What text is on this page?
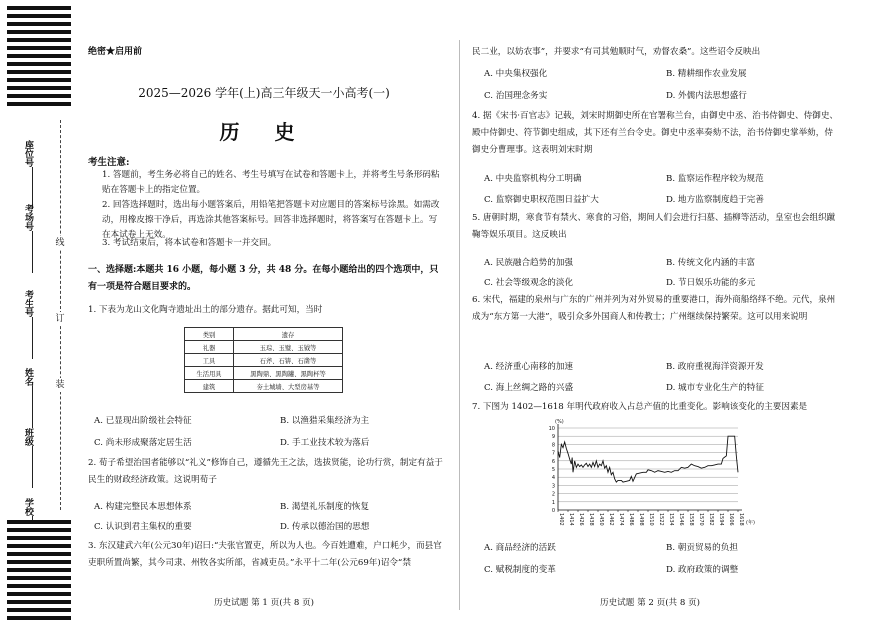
座位号
考场号
考生号
姓名
班级
学校
线
订
装
绝密★启用前
2025—2026 学年(上)高三年级天一小高考(一)
历 史
考生注意:
1. 答题前，考生务必将自己的姓名、考生号填写在试卷和答题卡上，并将考生号条形码粘贴在答题卡上的指定位置。
2. 回答选择题时，选出每小题答案后，用铅笔把答题卡对应题目的答案标号涂黑。如需改动，用橡皮擦干净后，再选涂其他答案标号。回答非选择题时，将答案写在答题卡上。写在本试卷上无效。
3. 考试结束后，将本试卷和答题卡一并交回。
一、选择题:本题共 16 小题，每小题 3 分，共 48 分。在每小题给出的四个选项中，只有一项是符合题目要求的。
1. 下表为龙山文化陶寺遗址出土的部分遗存。据此可知，当时
类别	遗存
礼器	玉琮、玉璧、玉钺等
工具	石斧、石锛、石凿等
生活用具	黑陶鼎、黑陶罐、黑陶杯等
建筑	夯土城墙、大型房基等
A. 已显现出阶级社会特征	B. 以渔猎采集经济为主
C. 尚未形成聚落定居生活	D. 手工业技术较为落后
2. 荀子希望治国者能够以“礼义”修饰自己，遵循先王之法，选拔贤能，论功行赏，制定有益于民生的财政经济政策。这说明荀子
A. 构建完整民本思想体系	B. 渴望礼乐制度的恢复
C. 认识到君主集权的重要	D. 传承以德治国的思想
3. 东汉建武六年(公元30年)诏曰:“夫张官置吏，所以为人也。今百姓遭难，户口耗少，而县官吏职所置尚繁，其今司隶、州牧各实所部，省减吏员。”永平十二年(公元69年)诏令“禁
历史试题 第 1 页(共 8 页)
民二业，以妨农事”，并要求“有司其勉顺时气，劝督农桑”。这些诏令反映出
A. 中央集权强化	B. 精耕细作农业发展
C. 治国理念务实	D. 外儒内法思想盛行
4. 据《宋书·百官志》记载，刘宋时期御史所在官署称兰台，由御史中丞、治书侍御史、侍御史、殿中侍御史、符节御史组成，其下还有兰台令史。御史中丞率奏劾不法，治书侍御史掌举劾，侍御史分曹理事。这表明刘宋时期
A. 中央监察机构分工明确	B. 监察运作程序较为规范
C. 监察御史职权范围日益扩大	D. 地方监察制度趋于完善
5. 唐朝时期，寒食节有禁火、寒食的习俗，期间人们会进行扫墓、插柳等活动，皇室也会组织蹴鞠等娱乐项目。这反映出
A. 民族融合趋势的加强	B. 传统文化内涵的丰富
C. 社会等级观念的淡化	D. 节日娱乐功能的多元
6. 宋代，福建的泉州与广东的广州并列为对外贸易的重要港口，海外商船络绎不绝。元代，泉州成为“东方第一大港”，吸引众多外国商人和传教士；广州继续保持繁荣。这可以用来说明
A. 经济重心南移的加速	B. 政府重视海洋资源开发
C. 海上丝绸之路的兴盛	D. 城市专业化生产的特征
7. 下图为 1402—1618 年明代政府收入占总产值的比重变化。影响该变化的主要因素是
0
1
2
3
4
5
6
7
8
9
10
(%)
1402 1414 1426 1438 1450 1462 1474 1486 1498 1510 1522 1534 1546 1558 1570 1582 1594 1606 1618 (年)
A. 商品经济的活跃	B. 朝贡贸易的负担
C. 赋税制度的变革	D. 政府政策的调整
历史试题 第 2 页(共 8 页)
